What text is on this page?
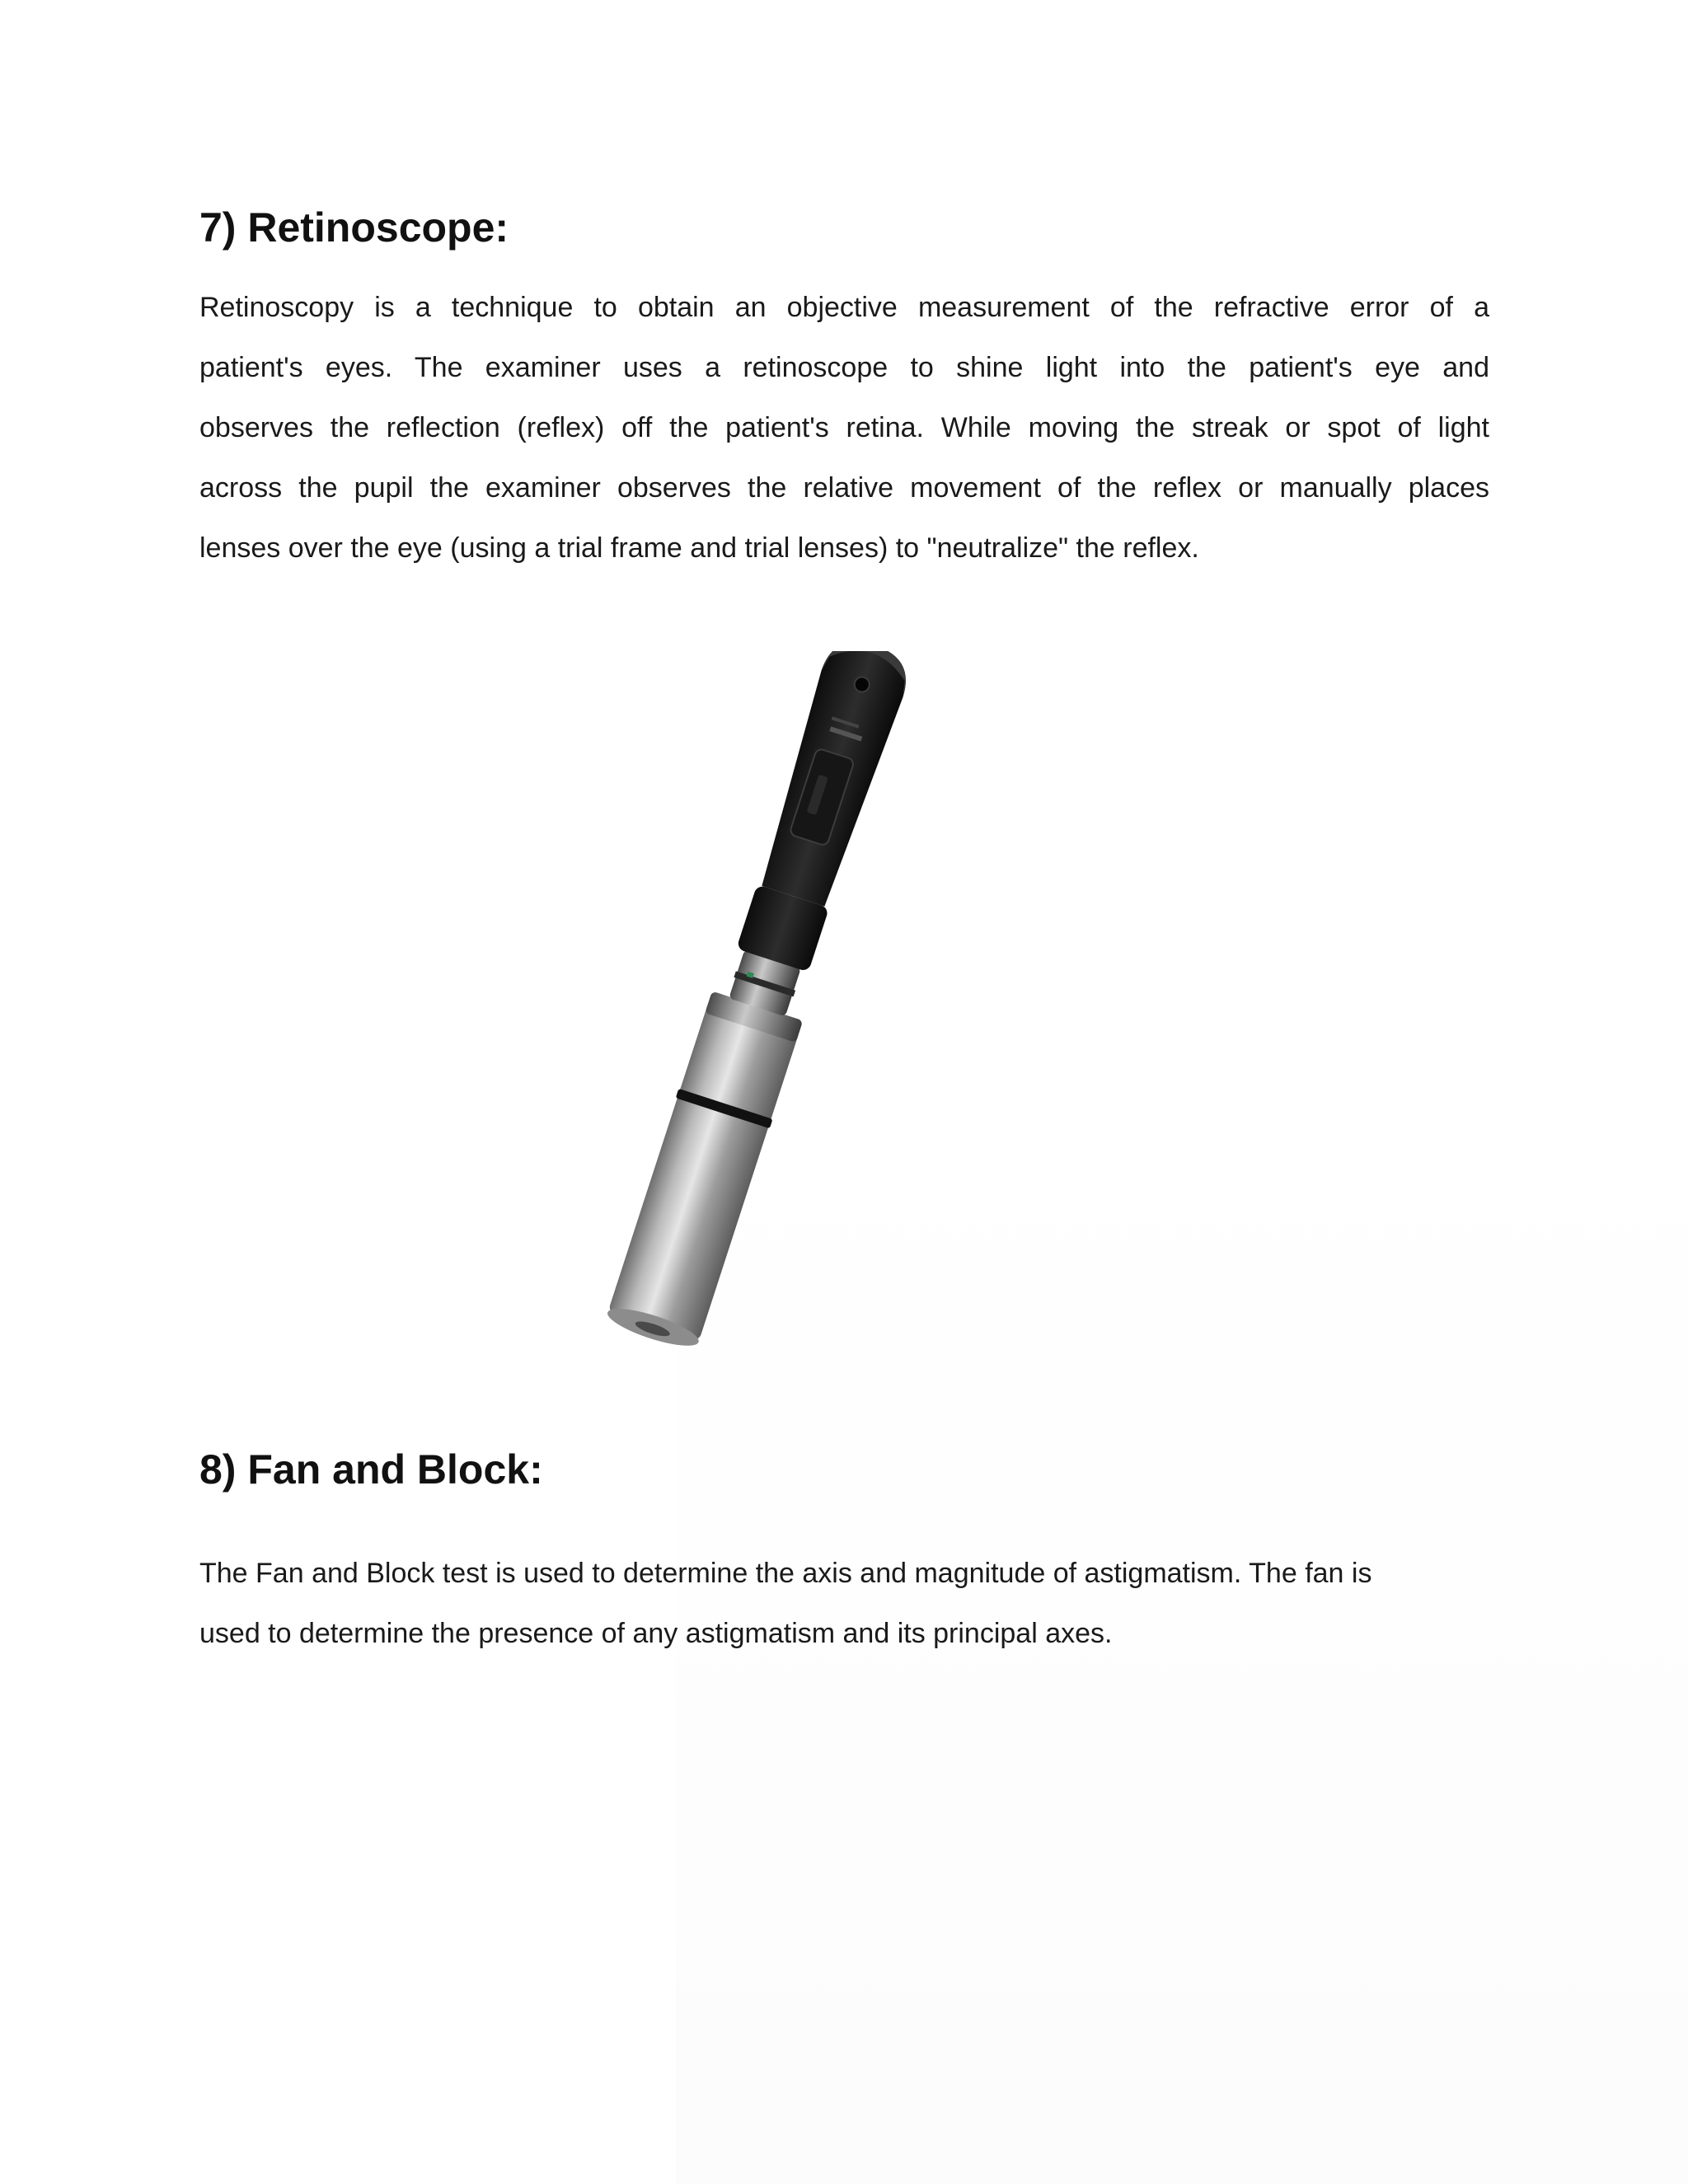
7) Retinoscope:
Retinoscopy is a technique to obtain an objective measurement of the refractive error of a
patient's eyes. The examiner uses a retinoscope to shine light into the patient's eye and
observes the reflection (reflex) off the patient's retina. While moving the streak or spot of light
across the pupil the examiner observes the relative movement of the reflex or manually places
lenses over the eye (using a trial frame and trial lenses) to "neutralize" the reflex.
8) Fan and Block:
The Fan and Block test is used to determine the axis and magnitude of astigmatism. The fan is
used to determine the presence of any astigmatism and its principal axes.
